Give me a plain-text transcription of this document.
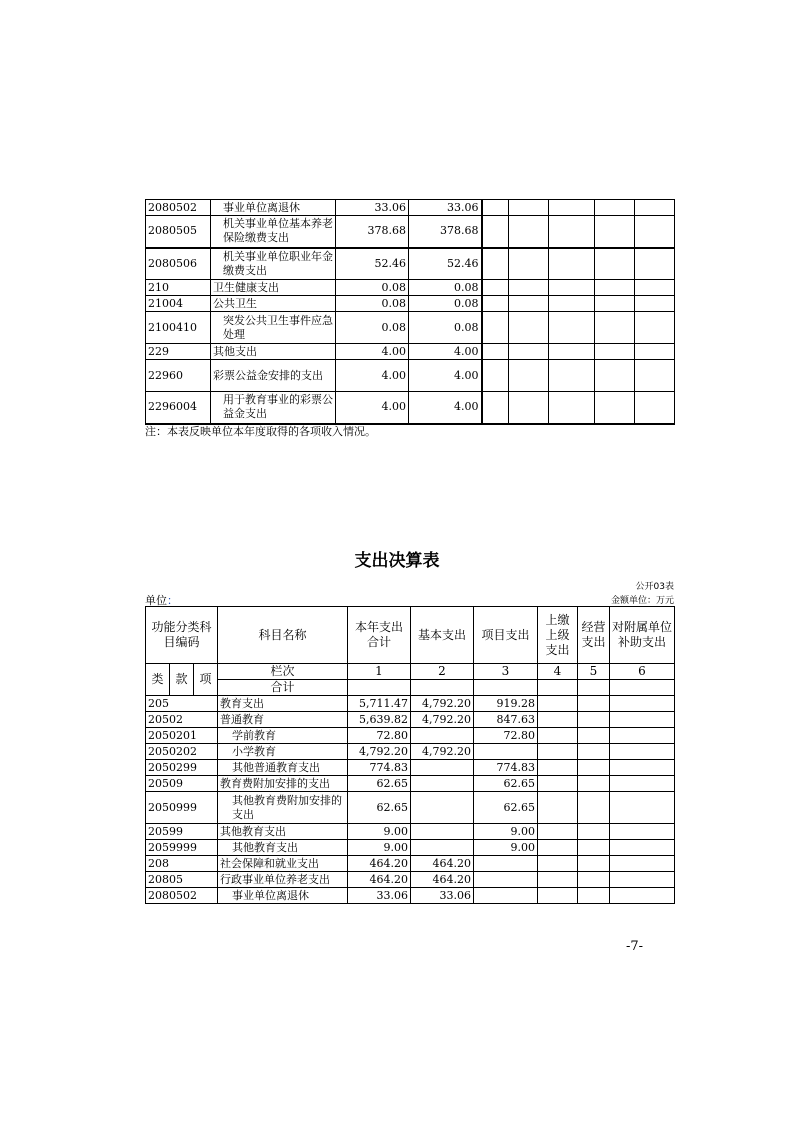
2080502	事业单位离退休	33.06	33.06					
2080505	机关事业单位基本养老保险缴费支出	378.68	378.68					
2080506	机关事业单位职业年金缴费支出	52.46	52.46					
210	卫生健康支出	0.08	0.08					
21004	公共卫生	0.08	0.08					
2100410	突发公共卫生事件应急处理	0.08	0.08					
229	其他支出	4.00	4.00					
22960	彩票公益金安排的支出	4.00	4.00					
2296004	用于教育事业的彩票公益金支出	4.00	4.00					
注：本表反映单位本年度取得的各项收入情况。
支出决算表
公开03表
金额单位：万元
单位：
功能分类科目编码			科目名称	本年支出合计	基本支出	项目支出	上缴上级支出	经营支出	对附属单位补助支出
类	款	项	栏次	1	2	3	4	5	6
			合计						
205			教育支出	5,711.47	4,792.20	919.28			
20502			普通教育	5,639.82	4,792.20	847.63			
2050201			学前教育	72.80		72.80			
2050202			小学教育	4,792.20	4,792.20				
2050299			其他普通教育支出	774.83		774.83			
20509			教育费附加安排的支出	62.65		62.65			
2050999			其他教育费附加安排的支出	62.65		62.65			
20599			其他教育支出	9.00		9.00			
2059999			其他教育支出	9.00		9.00			
208			社会保障和就业支出	464.20	464.20				
20805			行政事业单位养老支出	464.20	464.20				
2080502			事业单位离退休	33.06	33.06				
-7-
